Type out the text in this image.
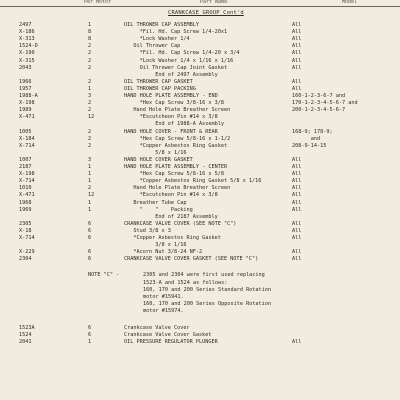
Per Motor	Part Name	Model
CRANKCASE GROUP Cont'd
2497	1	OIL THROWER CAP ASSEMBLY	All
X-186	8	*Fil. Hd. Cap Screw 1/4-20x1	All
X-313	8	*Lock Washer 1/4	All
1524-D	2	Oil Thrower Cap	All
X-190	2	*Fil. Hd. Cap Screw 1/4-20 x 3/4	All
X-315	2	*Lock Washer 1/4 x 1/16 x 1/16	All
2043	2	Oil Thrower Cap Joint Gasket	All
End of 2497 Assembly
1966	2	OIL THROWER CAP GASKET	All
1957	1	OIL THROWER CAP PACKING	All
1988-A	3	HAND HOLE PLATE ASSEMBLY - END	160-1-2-3-6-7 and
X-198	2	*Hex Cap Screw 3/8-16 x 3/8	170-1-2-3-4-5-6-7 and
1989	2	Hand Hole Plate Breather Screen	200-1-2-3-4-5-6-7
X-471	12	*Escutcheon Pin #14 x 3/8
End of 1988-A Assembly
1005	2	HAND HOLE COVER - FRONT & REAR	168-9; 178-9;
X-184	2	*Hex Cap Screw 5/8-16 x 1-1/2	and
X-714	2	*Copper Asbestos Ring Gasket	208-9-14-15
5/8 x 1/16
1007	3	HAND HOLE COVER GASKET	All
2187	1	HAND HOLE PLATE ASSEMBLY - CENTER	All
X-198	1	*Hex Cap Screw 5/8-16 x 5/8	All
X-714	1	*Copper Asbestos Ring Gasket 5/8 x 1/16	All
1010	2	Hand Hole Plate Breather Screen	All
X-471	12	*Escutcheon Pin #14 x 3/8	All
1968	1	Breather Tube Cap	All
1969	1	"    "    Packing	All
End of 2187 Assembly
2305	6	CRANKCASE VALVE COVER (SEE NOTE "C")	All
X-18	6	Stud 3/8 x 3	All
X-714	6	*Copper Asbestos Ring Gasket	All
3/8 x 1/16
X-229	6	*Acorn Nut 3/8-24 NF-2	All
2304	6	CRANKCASE VALVE COVER GASKET (SEE NOTE "C")	All
NOTE "C" -	2305 and 2304 were first used replacing
1523-A and 1524 as follows:
160, 170 and 200 Series Standard Rotation
motor #15941.
160, 170 and 200 Series Opposite Rotation
motor #15974.
1523A	6	Crankcase Valve Cover
1524	6	Crankcase Valve Cover Gasket
2041	1	OIL PRESSURE REGULATOR PLUNGER	All
